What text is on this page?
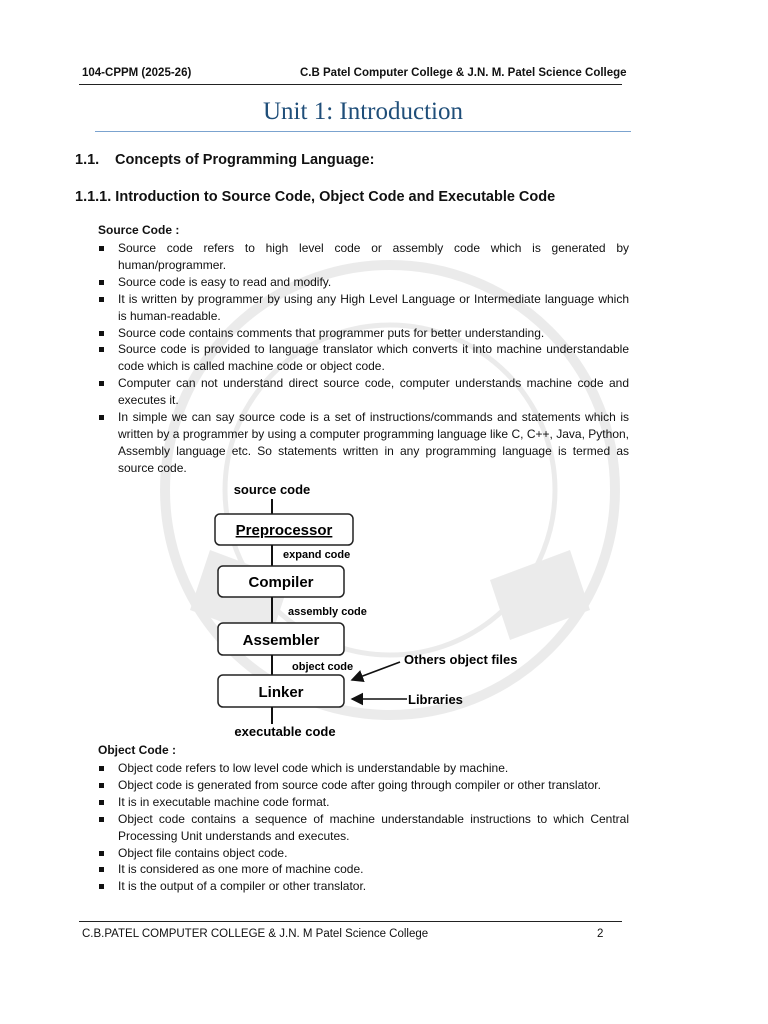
104-CPPM (2025-26)	C.B Patel Computer College & J.N. M. Patel Science College
Unit 1: Introduction
1.1. Concepts of Programming Language:
1.1.1. Introduction to Source Code, Object Code and Executable Code
Source Code :
Source code refers to high level code or assembly code which is generated by human/programmer.
Source code is easy to read and modify.
It is written by programmer by using any High Level Language or Intermediate language which is human-readable.
Source code contains comments that programmer puts for better understanding.
Source code is provided to language translator which converts it into machine understandable code which is called machine code or object code.
Computer can not understand direct source code, computer understands machine code and executes it.
In simple we can say source code is a set of instructions/commands and statements which is written by a programmer by using a computer programming language like C, C++, Java, Python, Assembly language etc. So statements written in any programming language is termed as source code.
source code
Preprocessor
expand code
Compiler
assembly code
Assembler
object code
Linker
executable code
Others object files
Libraries
Object Code :
Object code refers to low level code which is understandable by machine.
Object code is generated from source code after going through compiler or other translator.
It is in executable machine code format.
Object code contains a sequence of machine understandable instructions to which Central Processing Unit understands and executes.
Object file contains object code.
It is considered as one more of machine code.
It is the output of a compiler or other translator.
C.B.PATEL COMPUTER COLLEGE & J.N. M Patel Science College	2
